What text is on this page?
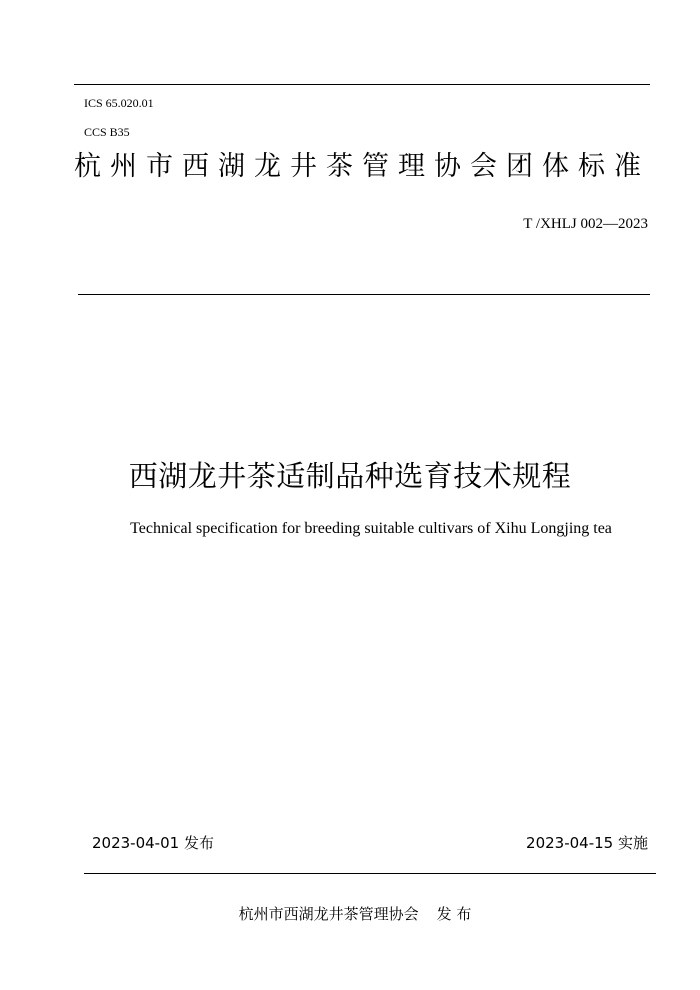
ICS 65.020.01
CCS B35
杭州市西湖龙井茶管理协会团体标准
T /XHLJ 002—2023
西湖龙井茶适制品种选育技术规程
Technical specification for breeding suitable cultivars of Xihu Longjing tea
2023-04-01 发布	2023-04-15 实施
杭州市西湖龙井茶管理协会 发 布
